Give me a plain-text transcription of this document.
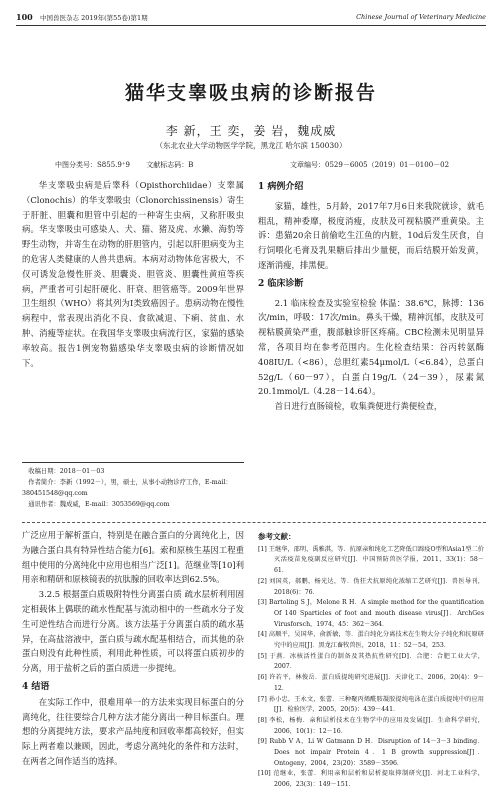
100 中国兽医杂志 2019年(第55卷)第1期	Chinese Journal of Veterinary Medicine
猫华支睾吸虫病的诊断报告
李 新，王 奕，姜 岩，魏成威
（东北农业大学动物医学学院，黑龙江 哈尔滨 150030）
中图分类号：S855.9⁺9 文献标志码：B	文章编号：0529－6005（2019）01－0100－02

华支睾吸虫病是后睾科（Opisthorchiidae）支睾属（Clonochis）的华支睾吸虫（Clonorchissinensis）寄生于肝脏、胆囊和胆管中引起的一种寄生虫病，又称肝吸虫病。华支睾吸虫可感染人、犬、猫、猪及虎、水獭、海豹等野生动物，并寄生在动物的肝胆管内，引起以肝胆病变为主的危害人类健康的人兽共患病。本病对动物体危害极大，不仅可诱发急慢性肝炎、胆囊炎、胆管炎、胆囊性黄疸等疾病，严重者可引起肝硬化、肝衰、胆管癌等。2009年世界卫生组织（WHO）将其列为Ⅰ类致癌因子。患病动物在慢性病程中，常表现出消化不良、食欲减退、下痢、贫血、水肿、消瘦等症状。在我国华支睾吸虫病流行区，家猫的感染率较高。报告1例宠物猫感染华支睾吸虫病的诊断情况如下。

收稿日期：2018－01－03

作者简介：李新（1992－），男，硕士，从事小动物诊疗工作，E-mail：380451548@qq.com

通讯作者：魏成威，E-mail：3053569@qq.com

广泛应用于解析蛋白，特别是在融合蛋白的分离纯化上，因为融合蛋白具有特异性结合能力[6]。索和原核生基因工程重组中使用的分离纯化中应用也相当广泛[1]。范继业等[10]利用亲和精研和原核镜表的抗肽腺的回收率达到62.5%。

3.2.5 根据蛋白质吸附特性分离蛋白质 疏水层析利用固定相载体上偶联的疏水性配基与流动相中的一些疏水分子发生可逆性结合而进行分离。该方法基于分离蛋白质的疏水基异，在高盐溶液中，蛋白质与疏水配基相结合，而其他的杂蛋白则没有此种性质，利用此种性质，可以将蛋白质初步的分离，用于盐析之后的蛋白质进一步提纯。

4 结语

在实际工作中，很难用单一的方法来实现目标蛋白的分离纯化，往往要综合几种方法才能分离出一种目标蛋白。理想的分离提纯方法，要求产品纯度和回收率都高较好，但实际上两者难以兼顾，因此，考虑分离纯化的条件和方法时，在两者之间作适当的选择。

1 病例介绍

家猫，雄性，5月龄，2017年7月6日来我院就诊，就毛粗乱，精神委靡，极度消瘦，皮肤及可视粘膜严重黄染。主诉：患猫20余日前偷吃生江鱼的内脏，10d后发生厌食，自行饲喂化毛膏及乳果糖后排出少量便，而后结膜开始发黄，逐渐消瘦，排黑便。

2 临床诊断

2.1 临床检查及实验室检验 体温：38.6℃，脉搏：136次/min，呼吸：17次/min。鼻头干燥，精神沉郁，皮肤及可视粘膜黄染严重，腹部触诊肝区疼痛。CBC检测未见明显异常，各项目均在参考范围内。生化检查结果：谷丙转氨酶408IU/L（<86），总胆红素54μmol/L（<6.84），总蛋白52g/L（60－97），白蛋白19g/L（24－39），尿素氮20.1mmol/L（4.28－14.64）。

首日进行直肠镜检，收集粪便进行粪便检查，

参考文献：

[1] 王继华，邵明，禹雅淇，等．抗原亲和纯化工艺降低口蹄疫O型和Asia1型二价灭活疫苗免疫副反应研究[J]．中国预防兽医学报，2011，33(1)：58－61．

[2] 刘国英，郝鹏，杨光达，等．伪狂犬抗原纯化浓缩工艺研究[J]．兽医导刊，2018(6)：76．

[3] Bartoling S J，Melone R H．A simple method for the quantification Of 140 Sparticles of foot and mouth disease virus[J]．ArchGes Virusforsch，1974，45：362－364．

[4] 高顺平，吴国华，俞新敏，等．蛋白纯化分离技术在生物大分子纯化和抗原研究中的应用[J]．黑龙江畜牧兽医，2018，11：52－54，253．

[5] 于燕．冰核活性蛋白的制备及其热抗性研究[D]．合肥：合肥工业大学，2007．

[6] 许若平，林俊岳．蛋白质提纯研究进展[J]．天津化工，2006，20(4)：9－12．

[7] 孙小忠，王永文，张蕾．三种聚丙烯酰胺凝胶提纯电泳在蛋白质提纯中的应用[J]．检验医学，2005，20(5)：439－441．

[8] 李松，杨梅．亲和层析技术在生物学中的应用及发展[J]．生命科学研究，2006，10(1)：12－16．

[9] Rubb V A，Li W Gatmann D H．Disruption of 14－3－3 binding．Does not impair Protein 4．1 B growth suppression[J]．Ontogeny，2004，23(20)：3589－3596．

[10] 范继业，张蕾．利用亲和层析和层析提取抑制研究[J]．河北工业科学，2006，23(3)：149－151．
